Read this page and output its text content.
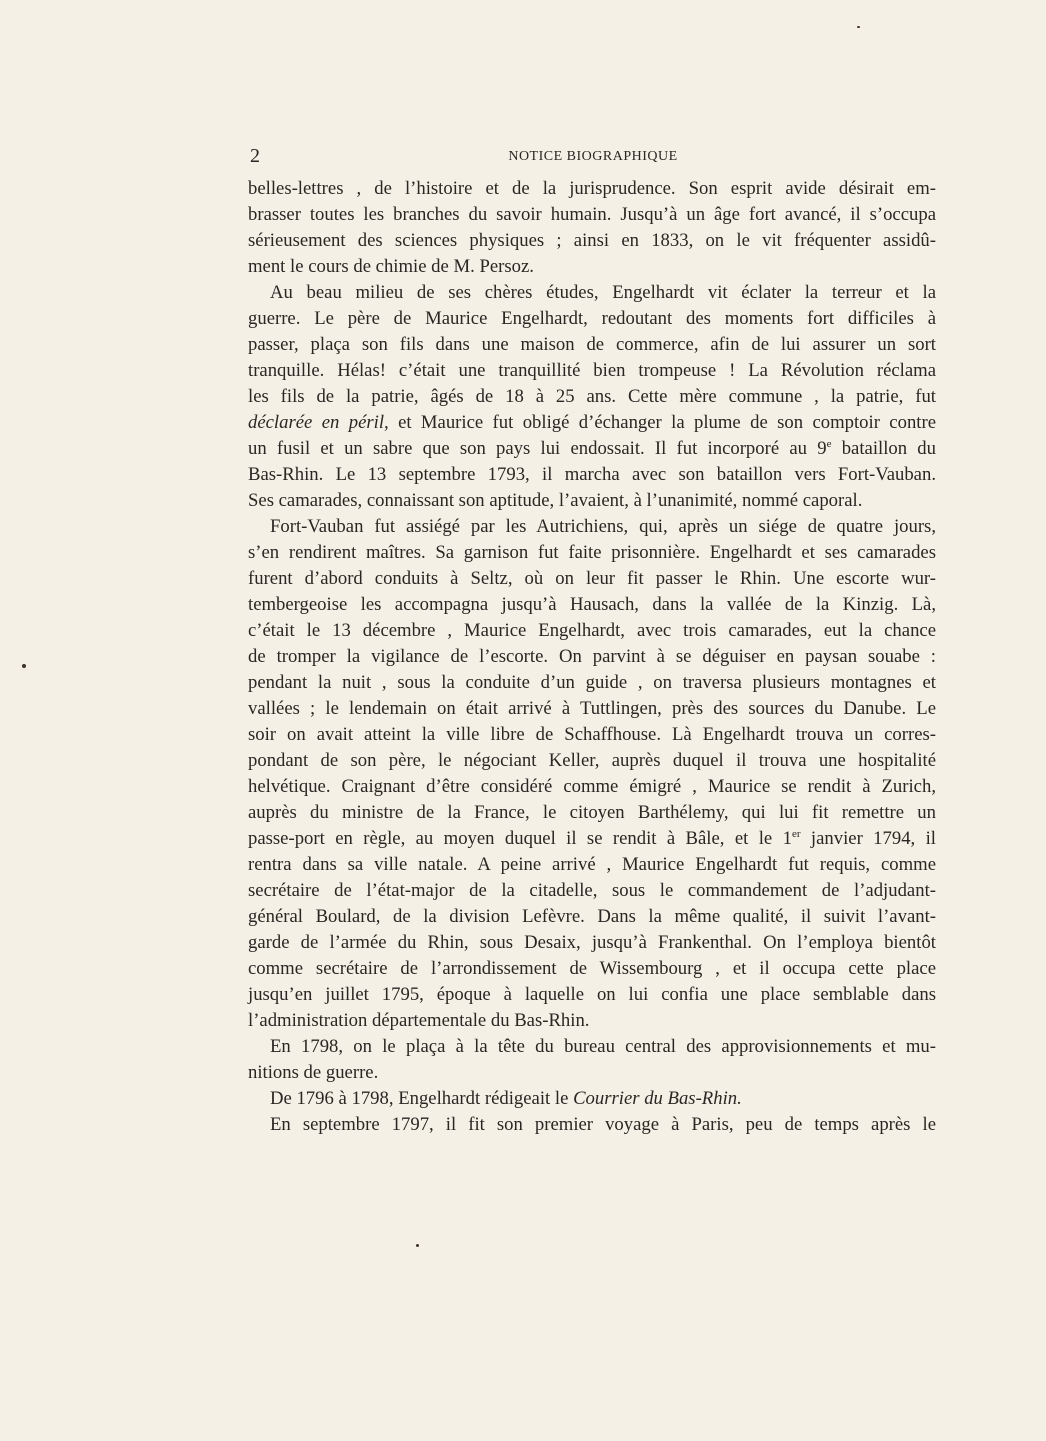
2	NOTICE BIOGRAPHIQUE
belles-lettres , de l’histoire et de la jurisprudence. Son esprit avide désirait em-
brasser toutes les branches du savoir humain. Jusqu’à un âge fort avancé, il s’occupa
sérieusement des sciences physiques ; ainsi en 1833, on le vit fréquenter assidû-
ment le cours de chimie de M. Persoz.
Au beau milieu de ses chères études, Engelhardt vit éclater la terreur et la
guerre. Le père de Maurice Engelhardt, redoutant des moments fort difficiles à
passer, plaça son fils dans une maison de commerce, afin de lui assurer un sort
tranquille. Hélas! c’était une tranquillité bien trompeuse ! La Révolution réclama
les fils de la patrie, âgés de 18 à 25 ans. Cette mère commune , la patrie, fut
déclarée en péril, et Maurice fut obligé d’échanger la plume de son comptoir contre
un fusil et un sabre que son pays lui endossait. Il fut incorporé au 9e bataillon du
Bas-Rhin. Le 13 septembre 1793, il marcha avec son bataillon vers Fort-Vauban.
Ses camarades, connaissant son aptitude, l’avaient, à l’unanimité, nommé caporal.
Fort-Vauban fut assiégé par les Autrichiens, qui, après un siége de quatre jours,
s’en rendirent maîtres. Sa garnison fut faite prisonnière. Engelhardt et ses camarades
furent d’abord conduits à Seltz, où on leur fit passer le Rhin. Une escorte wur-
tembergeoise les accompagna jusqu’à Hausach, dans la vallée de la Kinzig. Là,
c’était le 13 décembre , Maurice Engelhardt, avec trois camarades, eut la chance
de tromper la vigilance de l’escorte. On parvint à se déguiser en paysan souabe :
pendant la nuit , sous la conduite d’un guide , on traversa plusieurs montagnes et
vallées ; le lendemain on était arrivé à Tuttlingen, près des sources du Danube. Le
soir on avait atteint la ville libre de Schaffhouse. Là Engelhardt trouva un corres-
pondant de son père, le négociant Keller, auprès duquel il trouva une hospitalité
helvétique. Craignant d’être considéré comme émigré , Maurice se rendit à Zurich,
auprès du ministre de la France, le citoyen Barthélemy, qui lui fit remettre un
passe-port en règle, au moyen duquel il se rendit à Bâle, et le 1er janvier 1794, il
rentra dans sa ville natale. A peine arrivé , Maurice Engelhardt fut requis, comme
secrétaire de l’état-major de la citadelle, sous le commandement de l’adjudant-
général Boulard, de la division Lefèvre. Dans la même qualité, il suivit l’avant-
garde de l’armée du Rhin, sous Desaix, jusqu’à Frankenthal. On l’employa bientôt
comme secrétaire de l’arrondissement de Wissembourg , et il occupa cette place
jusqu’en juillet 1795, époque à laquelle on lui confia une place semblable dans
l’administration départementale du Bas-Rhin.
En 1798, on le plaça à la tête du bureau central des approvisionnements et mu-
nitions de guerre.
De 1796 à 1798, Engelhardt rédigeait le Courrier du Bas-Rhin.
En septembre 1797, il fit son premier voyage à Paris, peu de temps après le
